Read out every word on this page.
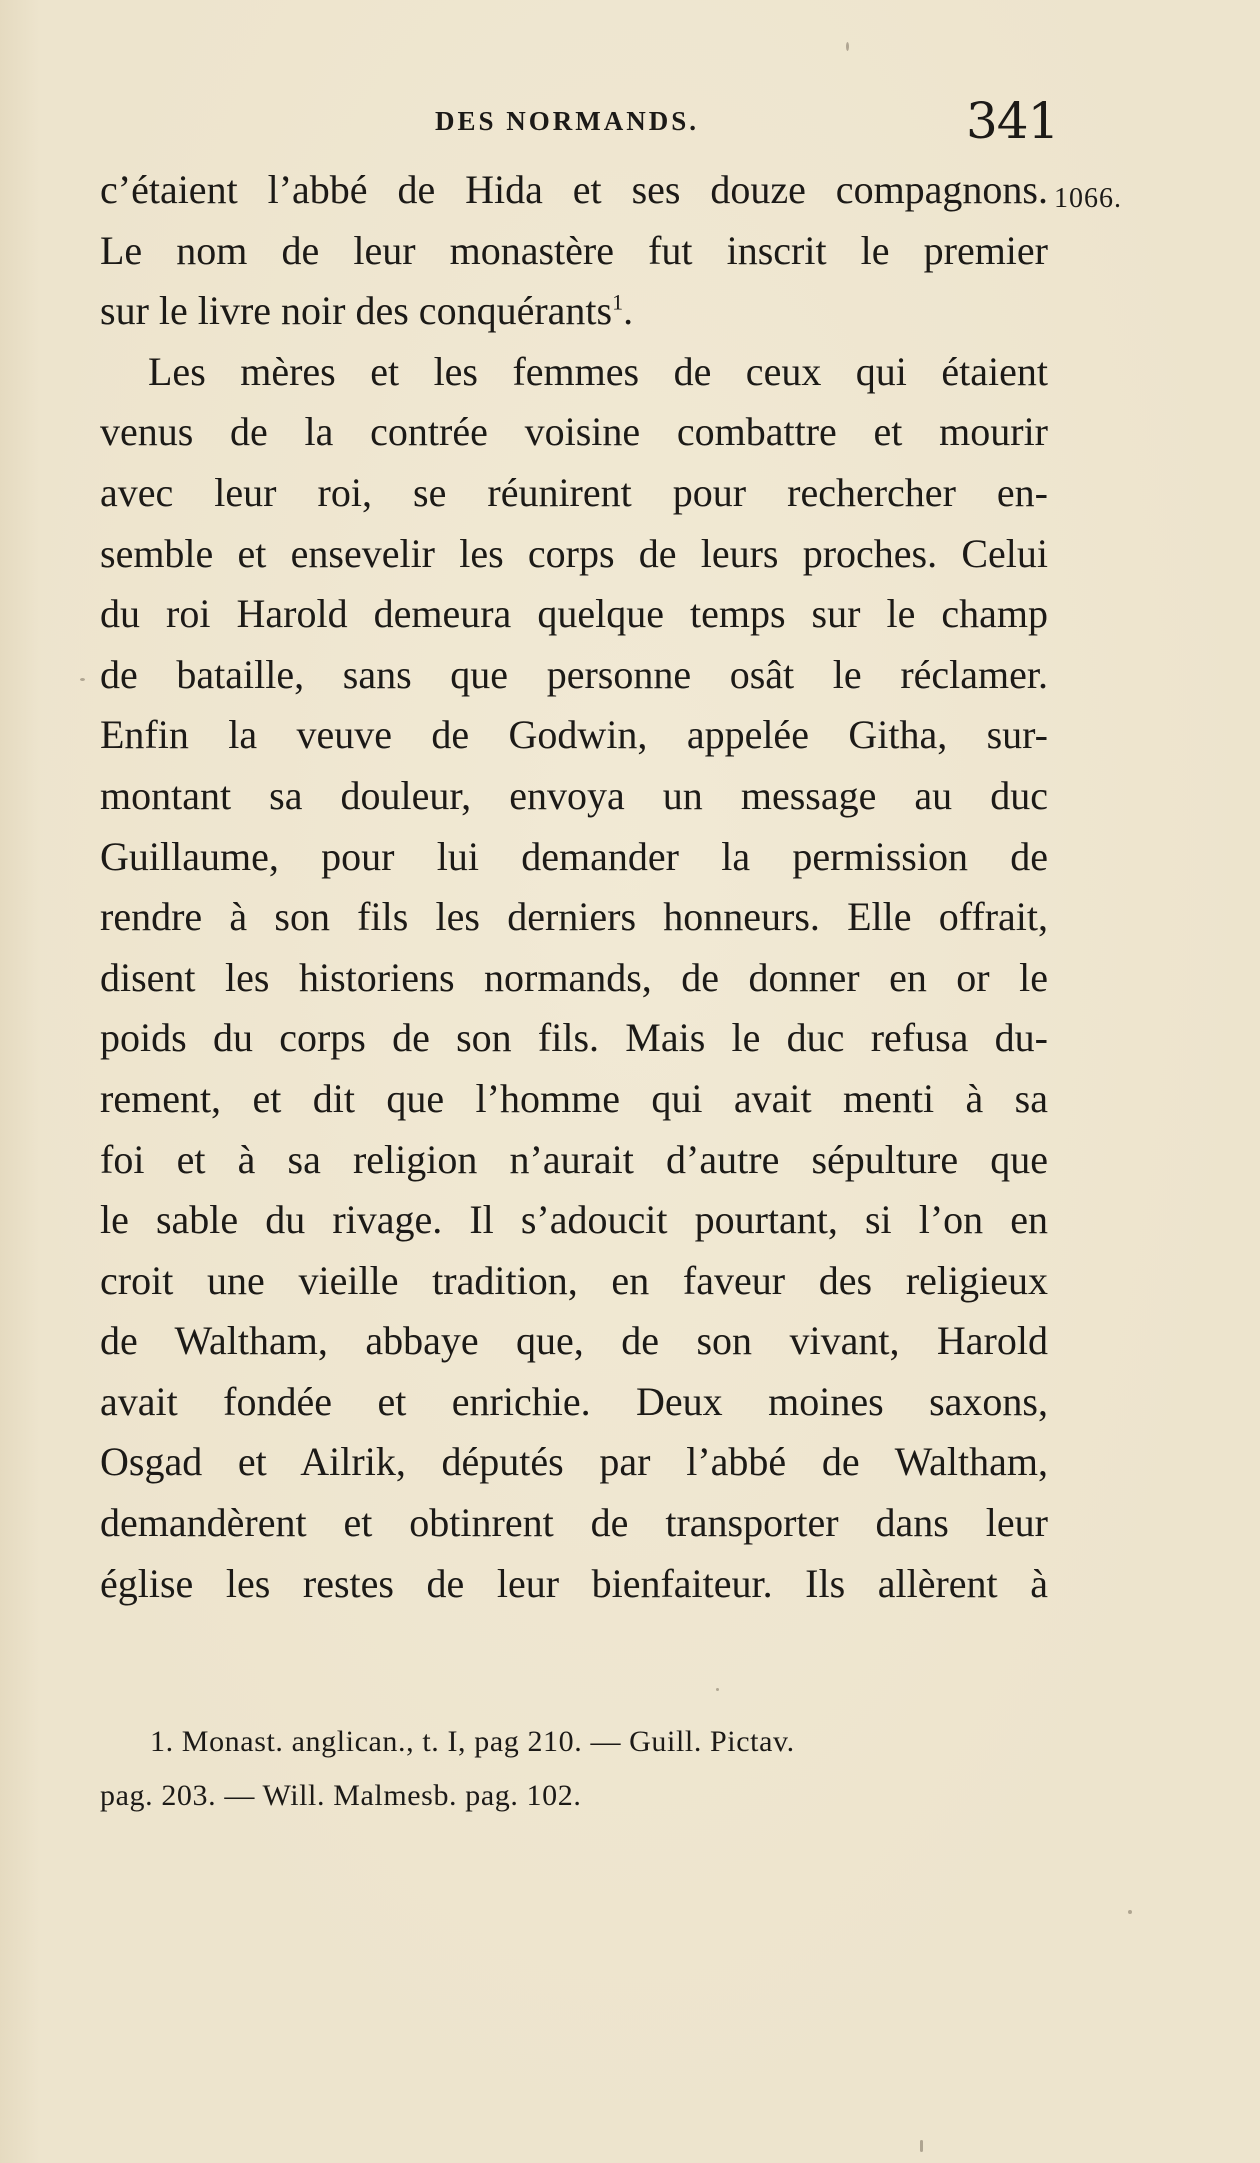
DES NORMANDS.	341
1066.
c’étaient l’abbé de Hida et ses douze compagnons.
Le nom de leur monastère fut inscrit le premier
sur le livre noir des conquérants$^1$.
Les mères et les femmes de ceux qui étaient
venus de la contrée voisine combattre et mourir
avec leur roi, se réunirent pour rechercher en-
semble et ensevelir les corps de leurs proches. Celui
du roi Harold demeura quelque temps sur le champ
de bataille, sans que personne osât le réclamer.
Enfin la veuve de Godwin, appelée Githa, sur-
montant sa douleur, envoya un message au duc
Guillaume, pour lui demander la permission de
rendre à son fils les derniers honneurs. Elle offrait,
disent les historiens normands, de donner en or le
poids du corps de son fils. Mais le duc refusa du-
rement, et dit que l’homme qui avait menti à sa
foi et à sa religion n’aurait d’autre sépulture que
le sable du rivage. Il s’adoucit pourtant, si l’on en
croit une vieille tradition, en faveur des religieux
de Waltham, abbaye que, de son vivant, Harold
avait fondée et enrichie. Deux moines saxons,
Osgad et Ailrik, députés par l’abbé de Waltham,
demandèrent et obtinrent de transporter dans leur
église les restes de leur bienfaiteur. Ils allèrent à
1. Monast. anglican., t. I, pag 210. — Guill. Pictav.
pag. 203. — Will. Malmesb. pag. 102.
